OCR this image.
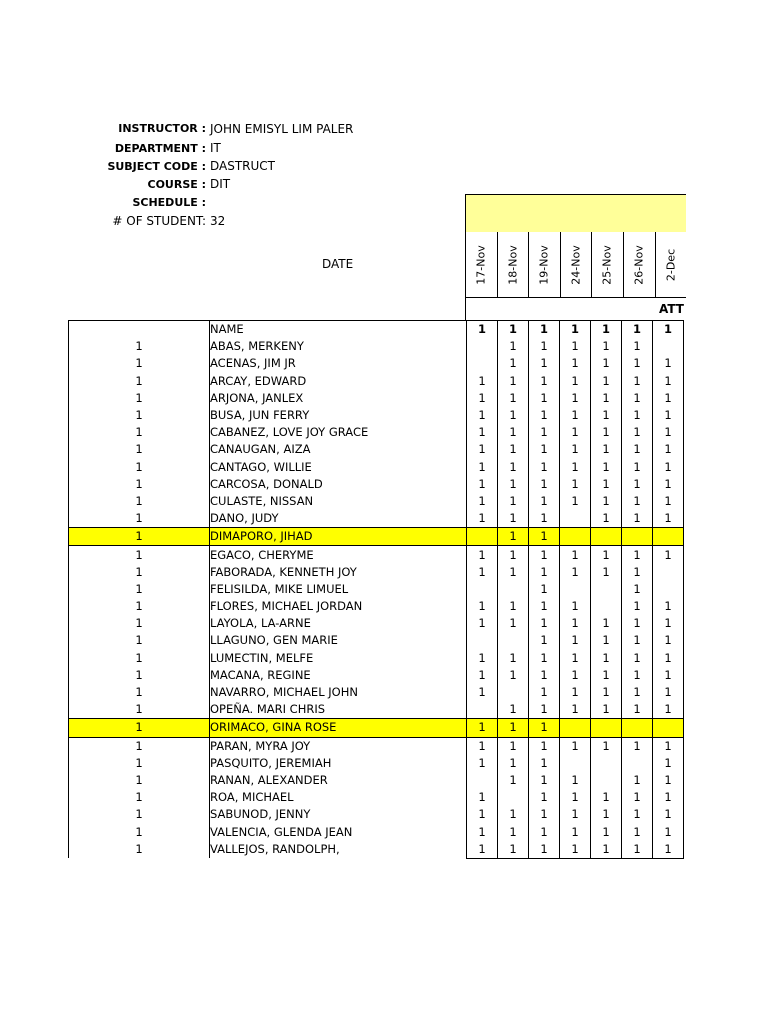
INSTRUCTOR : JOHN EMISYL LIM PALER
DEPARTMENT : IT
SUBJECT CODE : DASTRUCT
COURSE : DIT
SCHEDULE :
# OF STUDENT: 32
DATE	17-Nov 18-Nov 19-Nov 24-Nov 25-Nov 26-Nov 2-Dec
ATT
	NAME	1	1	1	1	1	1	1
1	ABAS, MERKENY		1	1	1	1	1	
1	ACENAS, JIM JR		1	1	1	1	1	1
1	ARCAY, EDWARD	1	1	1	1	1	1	1
1	ARJONA, JANLEX	1	1	1	1	1	1	1
1	BUSA, JUN FERRY	1	1	1	1	1	1	1
1	CABANEZ, LOVE JOY GRACE	1	1	1	1	1	1	1
1	CANAUGAN, AIZA	1	1	1	1	1	1	1
1	CANTAGO, WILLIE	1	1	1	1	1	1	1
1	CARCOSA, DONALD	1	1	1	1	1	1	1
1	CULASTE, NISSAN	1	1	1	1	1	1	1
1	DANO, JUDY	1	1	1		1	1	1
1	DIMAPORO, JIHAD		1	1				
1	EGACO, CHERYME	1	1	1	1	1	1	1
1	FABORADA, KENNETH JOY	1	1	1	1	1	1	
1	FELISILDA, MIKE LIMUEL			1			1	
1	FLORES, MICHAEL JORDAN	1	1	1	1		1	1
1	LAYOLA, LA-ARNE	1	1	1	1	1	1	1
1	LLAGUNO, GEN MARIE			1	1	1	1	1
1	LUMECTIN, MELFE	1	1	1	1	1	1	1
1	MACANA, REGINE	1	1	1	1	1	1	1
1	NAVARRO, MICHAEL JOHN	1		1	1	1	1	1
1	OPEÑA. MARI CHRIS		1	1	1	1	1	1
1	ORIMACO, GINA ROSE	1	1	1				
1	PARAN, MYRA JOY	1	1	1	1	1	1	1
1	PASQUITO, JEREMIAH	1	1	1				1
1	RANAN, ALEXANDER		1	1	1		1	1
1	ROA, MICHAEL	1		1	1	1	1	1
1	SABUNOD, JENNY	1	1	1	1	1	1	1
1	VALENCIA, GLENDA JEAN	1	1	1	1	1	1	1
1	VALLEJOS, RANDOLPH,	1	1	1	1	1	1	1
